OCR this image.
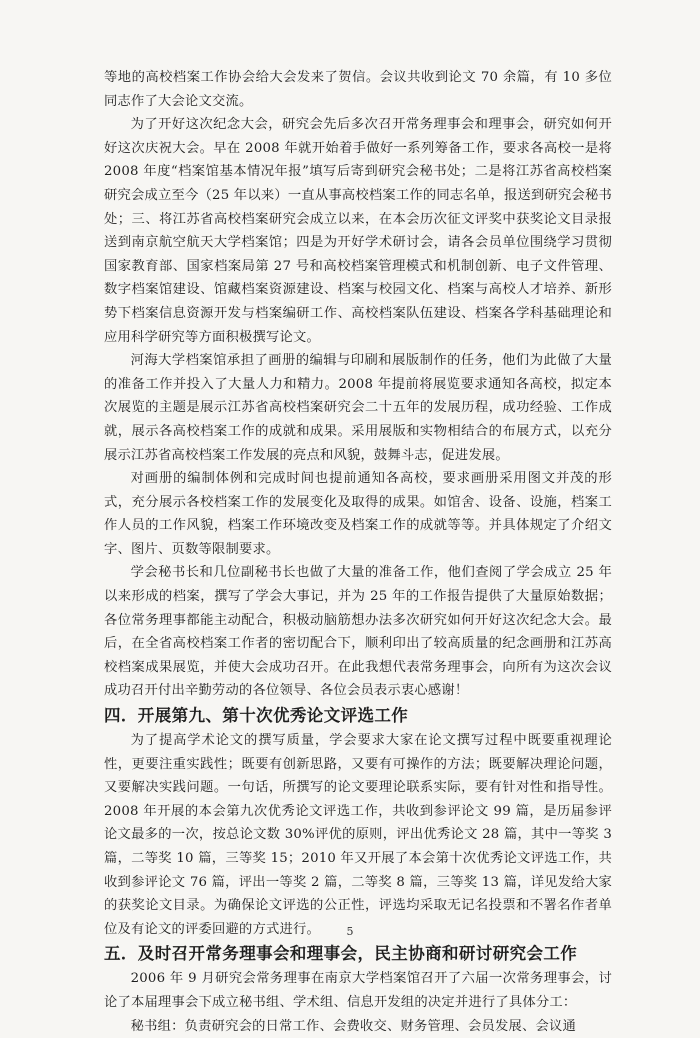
等地的高校档案工作协会给大会发来了贺信。会议共收到论文 70 余篇，有 10 多位同志作了大会论文交流。

为了开好这次纪念大会，研究会先后多次召开常务理事会和理事会，研究如何开好这次庆祝大会。早在 2008 年就开始着手做好一系列筹备工作，要求各高校一是将 2008 年度“档案馆基本情况年报”填写后寄到研究会秘书处；二是将江苏省高校档案研究会成立至今（25 年以来）一直从事高校档案工作的同志名单，报送到研究会秘书处；三、将江苏省高校档案研究会成立以来，在本会历次征文评奖中获奖论文目录报送到南京航空航天大学档案馆；四是为开好学术研讨会，请各会员单位围绕学习贯彻国家教育部、国家档案局第 27 号和高校档案管理模式和机制创新、电子文件管理、数字档案馆建设、馆藏档案资源建设、档案与校园文化、档案与高校人才培养、新形势下档案信息资源开发与档案编研工作、高校档案队伍建设、档案各学科基础理论和应用科学研究等方面积极撰写论文。

河海大学档案馆承担了画册的编辑与印刷和展版制作的任务，他们为此做了大量的准备工作并投入了大量人力和精力。2008 年提前将展览要求通知各高校，拟定本次展览的主题是展示江苏省高校档案研究会二十五年的发展历程，成功经验、工作成就，展示各高校档案工作的成就和成果。采用展版和实物相结合的布展方式，以充分展示江苏省高校档案工作发展的亮点和风貌，鼓舞斗志，促进发展。

对画册的编制体例和完成时间也提前通知各高校，要求画册采用图文并茂的形式，充分展示各校档案工作的发展变化及取得的成果。如馆舍、设备、设施，档案工作人员的工作风貌，档案工作环境改变及档案工作的成就等等。并具体规定了介绍文字、图片、页数等限制要求。

学会秘书长和几位副秘书长也做了大量的准备工作，他们查阅了学会成立 25 年以来形成的档案，撰写了学会大事记，并为 25 年的工作报告提供了大量原始数据；各位常务理事都能主动配合，积极动脑筋想办法多次研究如何开好这次纪念大会。最后，在全省高校档案工作者的密切配合下，顺利印出了较高质量的纪念画册和江苏高校档案成果展览，并使大会成功召开。在此我想代表常务理事会，向所有为这次会议成功召开付出辛勤劳动的各位领导、各位会员表示衷心感谢！

四．开展第九、第十次优秀论文评选工作

为了提高学术论文的撰写质量，学会要求大家在论文撰写过程中既要重视理论性，更要注重实践性；既要有创新思路，又要有可操作的方法；既要解决理论问题，又要解决实践问题。一句话，所撰写的论文要理论联系实际，要有针对性和指导性。2008 年开展的本会第九次优秀论文评选工作，共收到参评论文 99 篇，是历届参评论文最多的一次，按总论文数 30%评优的原则，评出优秀论文 28 篇，其中一等奖 3 篇，二等奖 10 篇，三等奖 15；2010 年又开展了本会第十次优秀论文评选工作，共收到参评论文 76 篇，评出一等奖 2 篇，二等奖 8 篇，三等奖 13 篇，详见发给大家的获奖论文目录。为确保论文评选的公正性，评选均采取无记名投票和不署名作者单位及有论文的评委回避的方式进行。

五．及时召开常务理事会和理事会，民主协商和研讨研究会工作

2006 年 9 月研究会常务理事在南京大学档案馆召开了六届一次常务理事会，讨论了本届理事会下成立秘书组、学术组、信息开发组的决定并进行了具体分工：

秘书组：负责研究会的日常工作、会费收交、财务管理、会员发展、会议通

5
